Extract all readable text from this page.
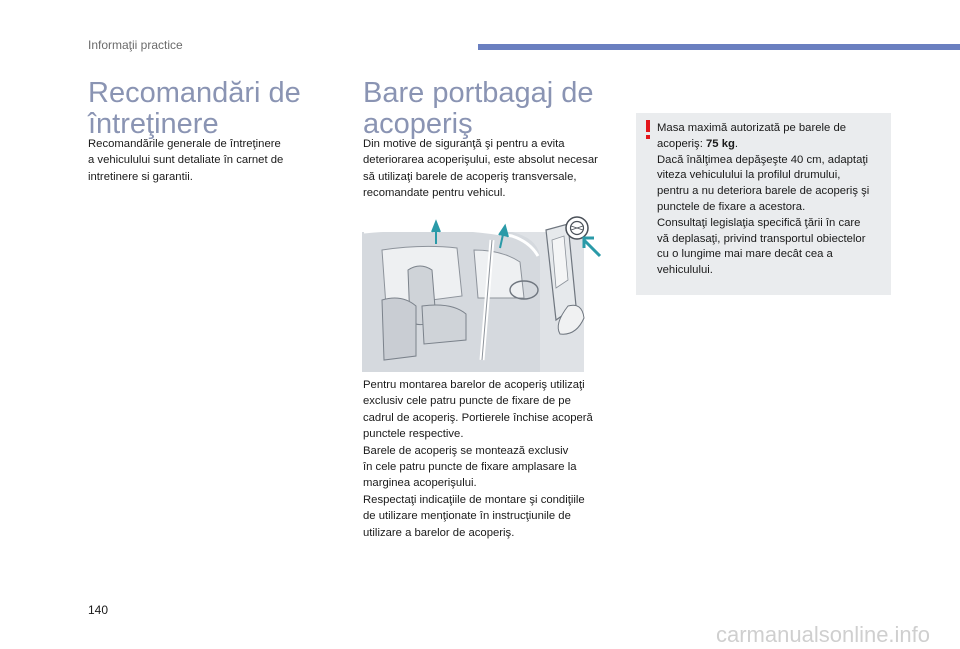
Informaţii practice
Recomandări de
întreţinere

Recomandările generale de întreţinere
a vehiculului sunt detaliate în carnet de
intretinere si garantii.

Bare portbagaj de
acoperiş

Din motive de siguranţă şi pentru a evita
deteriorarea acoperişului, este absolut necesar
să utilizaţi barele de acoperiş transversale,
recomandate pentru vehicul.

Pentru montarea barelor de acoperiş utilizaţi
exclusiv cele patru puncte de fixare de pe
cadrul de acoperiş. Portierele închise acoperă
punctele respective.
Barele de acoperiş se montează exclusiv
în cele patru puncte de fixare amplasare la
marginea acoperişului.
Respectaţi indicaţiile de montare şi condiţiile
de utilizare menţionate în instrucţiunile de
utilizare a barelor de acoperiş.

Masa maximă autorizată pe barele de
acoperiş: 75 kg.
Dacă înălţimea depăşeşte 40 cm, adaptaţi
viteza vehiculului la profilul drumului,
pentru a nu deteriora barele de acoperiş şi
punctele de fixare a acestora.
Consultaţi legislaţia specifică ţării în care
vă deplasaţi, privind transportul obiectelor
cu o lungime mai mare decât cea a
vehiculului.

140
carmanualsonline.info
